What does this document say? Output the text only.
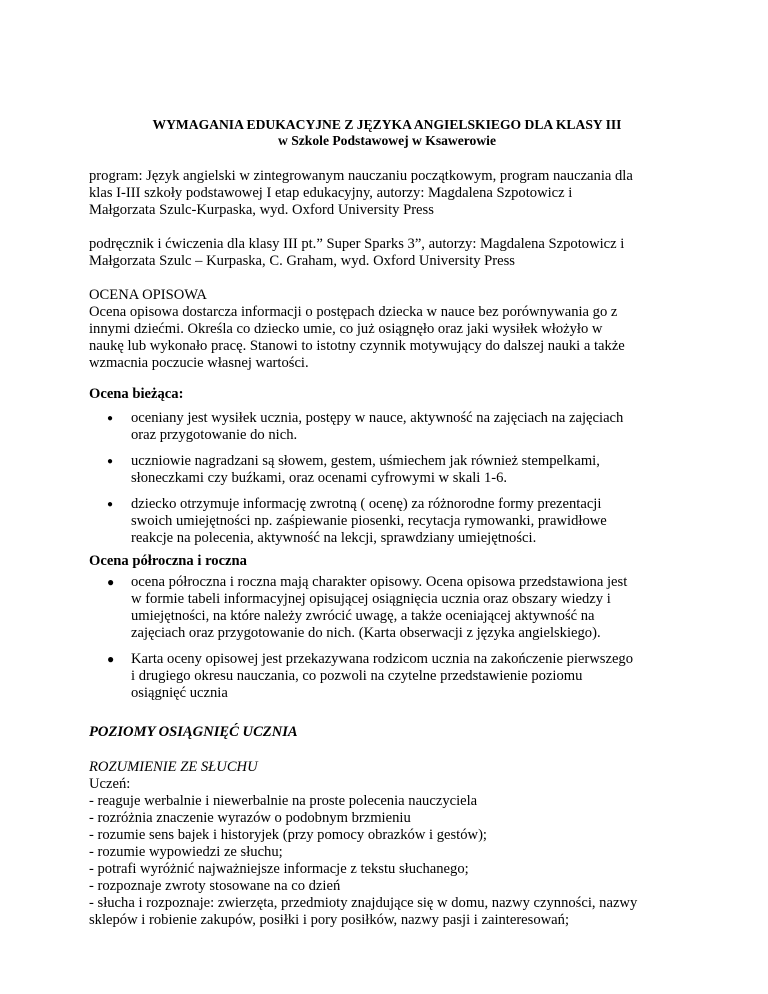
WYMAGANIA EDUKACYJNE Z JĘZYKA ANGIELSKIEGO DLA KLASY III

w Szkole Podstawowej w Ksawerowie

program: Język angielski w zintegrowanym nauczaniu początkowym, program nauczania dla

klas I-III szkoły podstawowej I etap edukacyjny, autorzy: Magdalena Szpotowicz i

Małgorzata Szulc-Kurpaska, wyd. Oxford University Press

podręcznik i ćwiczenia dla klasy III pt.” Super Sparks 3”, autorzy: Magdalena Szpotowicz i

Małgorzata Szulc – Kurpaska, C. Graham, wyd. Oxford University Press

OCENA OPISOWA

Ocena opisowa dostarcza informacji o postępach dziecka w nauce bez porównywania go z

innymi dziećmi. Określa co dziecko umie, co już osiągnęło oraz jaki wysiłek włożyło w

naukę lub wykonało pracę. Stanowi to istotny czynnik motywujący do dalszej nauki a także

wzmacnia poczucie własnej wartości.

Ocena bieżąca:

● oceniany jest wysiłek ucznia, postępy w nauce, aktywność na zajęciach na zajęciach

oraz przygotowanie do nich.

● uczniowie nagradzani są słowem, gestem, uśmiechem jak również stempelkami,

słoneczkami czy buźkami, oraz ocenami cyfrowymi w skali 1-6.

● dziecko otrzymuje informację zwrotną ( ocenę) za różnorodne formy prezentacji

swoich umiejętności np. zaśpiewanie piosenki, recytacja rymowanki, prawidłowe

reakcje na polecenia, aktywność na lekcji, sprawdziany umiejętności.

Ocena półroczna i roczna

● ocena półroczna i roczna mają charakter opisowy. Ocena opisowa przedstawiona jest

w formie tabeli informacyjnej opisującej osiągnięcia ucznia oraz obszary wiedzy i

umiejętności, na które należy zwrócić uwagę, a także oceniającej aktywność na

zajęciach oraz przygotowanie do nich. (Karta obserwacji z języka angielskiego).

● Karta oceny opisowej jest przekazywana rodzicom ucznia na zakończenie pierwszego

i drugiego okresu nauczania, co pozwoli na czytelne przedstawienie poziomu

osiągnięć ucznia

POZIOMY OSIĄGNIĘĆ UCZNIA

ROZUMIENIE ZE SŁUCHU

Uczeń:

- reaguje werbalnie i niewerbalnie na proste polecenia nauczyciela

- rozróżnia znaczenie wyrazów o podobnym brzmieniu

- rozumie sens bajek i historyjek (przy pomocy obrazków i gestów);

- rozumie wypowiedzi ze słuchu;

- potrafi wyróżnić najważniejsze informacje z tekstu słuchanego;

- rozpoznaje zwroty stosowane na co dzień

- słucha i rozpoznaje: zwierzęta, przedmioty znajdujące się w domu, nazwy czynności, nazwy

sklepów i robienie zakupów, posiłki i pory posiłków, nazwy pasji i zainteresowań;
